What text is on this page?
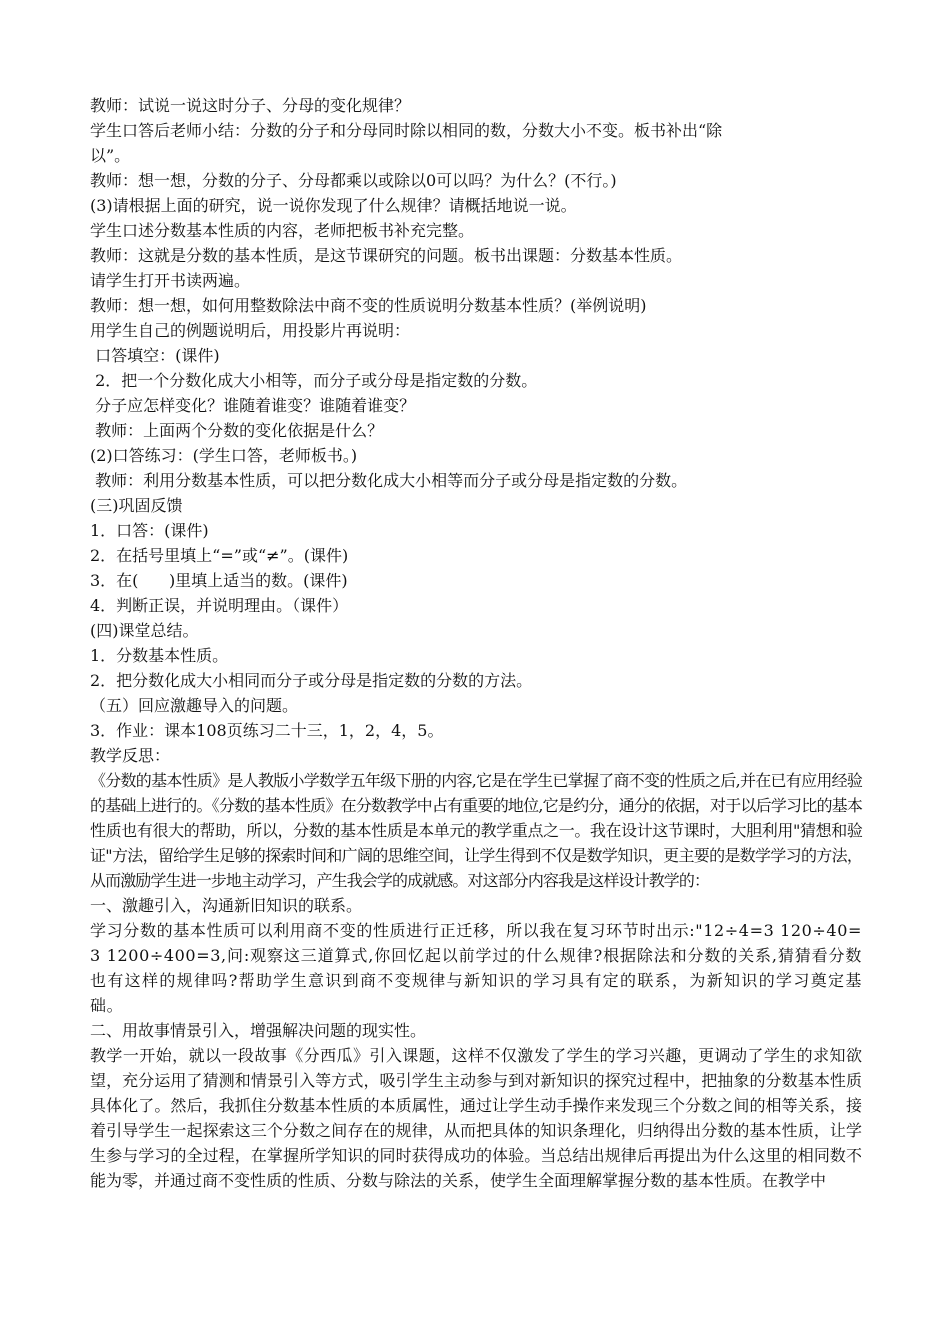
教师：试说一说这时分子、分母的变化规律？
学生口答后老师小结：分数的分子和分母同时除以相同的数，分数大小不变。板书补出“除
以”。
教师：想一想，分数的分子、分母都乘以或除以0可以吗？为什么？(不行。)
(3)请根据上面的研究，说一说你发现了什么规律？请概括地说一说。
学生口述分数基本性质的内容，老师把板书补充完整。
教师：这就是分数的基本性质，是这节课研究的问题。板书出课题：分数基本性质。
请学生打开书读两遍。
教师：想一想，如何用整数除法中商不变的性质说明分数基本性质？(举例说明)
用学生自己的例题说明后，用投影片再说明：
口答填空：(课件)
2．把一个分数化成大小相等，而分子或分母是指定数的分数。
分子应怎样变化？谁随着谁变？谁随着谁变？
教师：上面两个分数的变化依据是什么？
(2)口答练习：(学生口答，老师板书。)
教师：利用分数基本性质，可以把分数化成大小相等而分子或分母是指定数的分数。
(三)巩固反馈
1．口答：(课件)
2．在括号里填上“=”或“≠”。(课件)
3．在(      )里填上适当的数。(课件)
4．判断正误，并说明理由。（课件）
(四)课堂总结。
1．分数基本性质。
2．把分数化成大小相同而分子或分母是指定数的分数的方法。
（五）回应激趣导入的问题。
3．作业：课本108页练习二十三，1，2，4，5。
教学反思：
《分数的基本性质》是人教版小学数学五年级下册的内容,它是在学生已掌握了商不变的性质之后,并在已有应用经验的基础上进行的。《分数的基本性质》在分数教学中占有重要的地位,它是约分，通分的依据，对于以后学习比的基本性质也有很大的帮助，所以，分数的基本性质是本单元的教学重点之一。我在设计这节课时，大胆利用"猜想和验证"方法，留给学生足够的探索时间和广阔的思维空间，让学生得到不仅是数学知识，更主要的是数学学习的方法，从而激励学生进一步地主动学习，产生我会学的成就感。对这部分内容我是这样设计教学的：
一、激趣引入，沟通新旧知识的联系。
学习分数的基本性质可以利用商不变的性质进行正迁移，所以我在复习环节时出示:"12÷4=3 120÷40=3 1200÷400=3,问:观察这三道算式,你回忆起以前学过的什么规律?根据除法和分数的关系,猜猜看分数也有这样的规律吗?帮助学生意识到商不变规律与新知识的学习具有定的联系，为新知识的学习奠定基础。
二、用故事情景引入，增强解决问题的现实性。
教学一开始，就以一段故事《分西瓜》引入课题，这样不仅激发了学生的学习兴趣，更调动了学生的求知欲望，充分运用了猜测和情景引入等方式，吸引学生主动参与到对新知识的探究过程中，把抽象的分数基本性质具体化了。然后，我抓住分数基本性质的本质属性，通过让学生动手操作来发现三个分数之间的相等关系，接着引导学生一起探索这三个分数之间存在的规律，从而把具体的知识条理化，归纳得出分数的基本性质，让学生参与学习的全过程，在掌握所学知识的同时获得成功的体验。当总结出规律后再提出为什么这里的相同数不能为零，并通过商不变性质的性质、分数与除法的关系，使学生全面理解掌握分数的基本性质。在教学中
